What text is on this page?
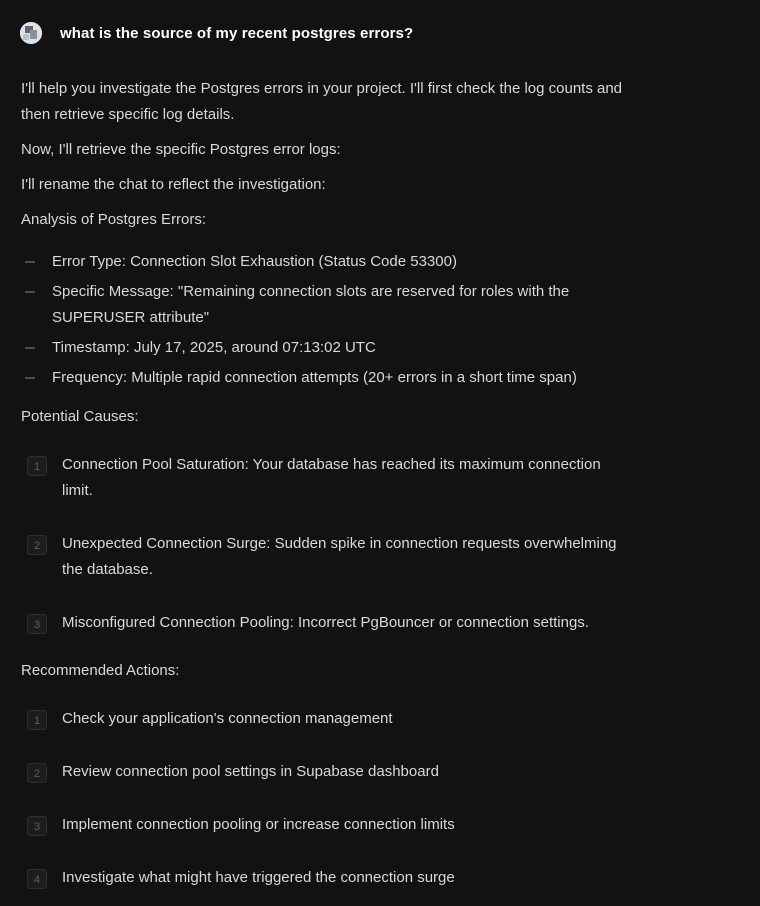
what is the source of my recent postgres errors?

I'll help you investigate the Postgres errors in your project. I'll first check the log counts and then retrieve specific log details.

Now, I'll retrieve the specific Postgres error logs:

I'll rename the chat to reflect the investigation:

Analysis of Postgres Errors:

Error Type: Connection Slot Exhaustion (Status Code 53300)
Specific Message: "Remaining connection slots are reserved for roles with the SUPERUSER attribute"
Timestamp: July 17, 2025, around 07:13:02 UTC
Frequency: Multiple rapid connection attempts (20+ errors in a short time span)

Potential Causes:

1	Connection Pool Saturation: Your database has reached its maximum connection limit.
2	Unexpected Connection Surge: Sudden spike in connection requests overwhelming the database.
3	Misconfigured Connection Pooling: Incorrect PgBouncer or connection settings.

Recommended Actions:

1	Check your application's connection management
2	Review connection pool settings in Supabase dashboard
3	Implement connection pooling or increase connection limits
4	Investigate what might have triggered the connection surge
